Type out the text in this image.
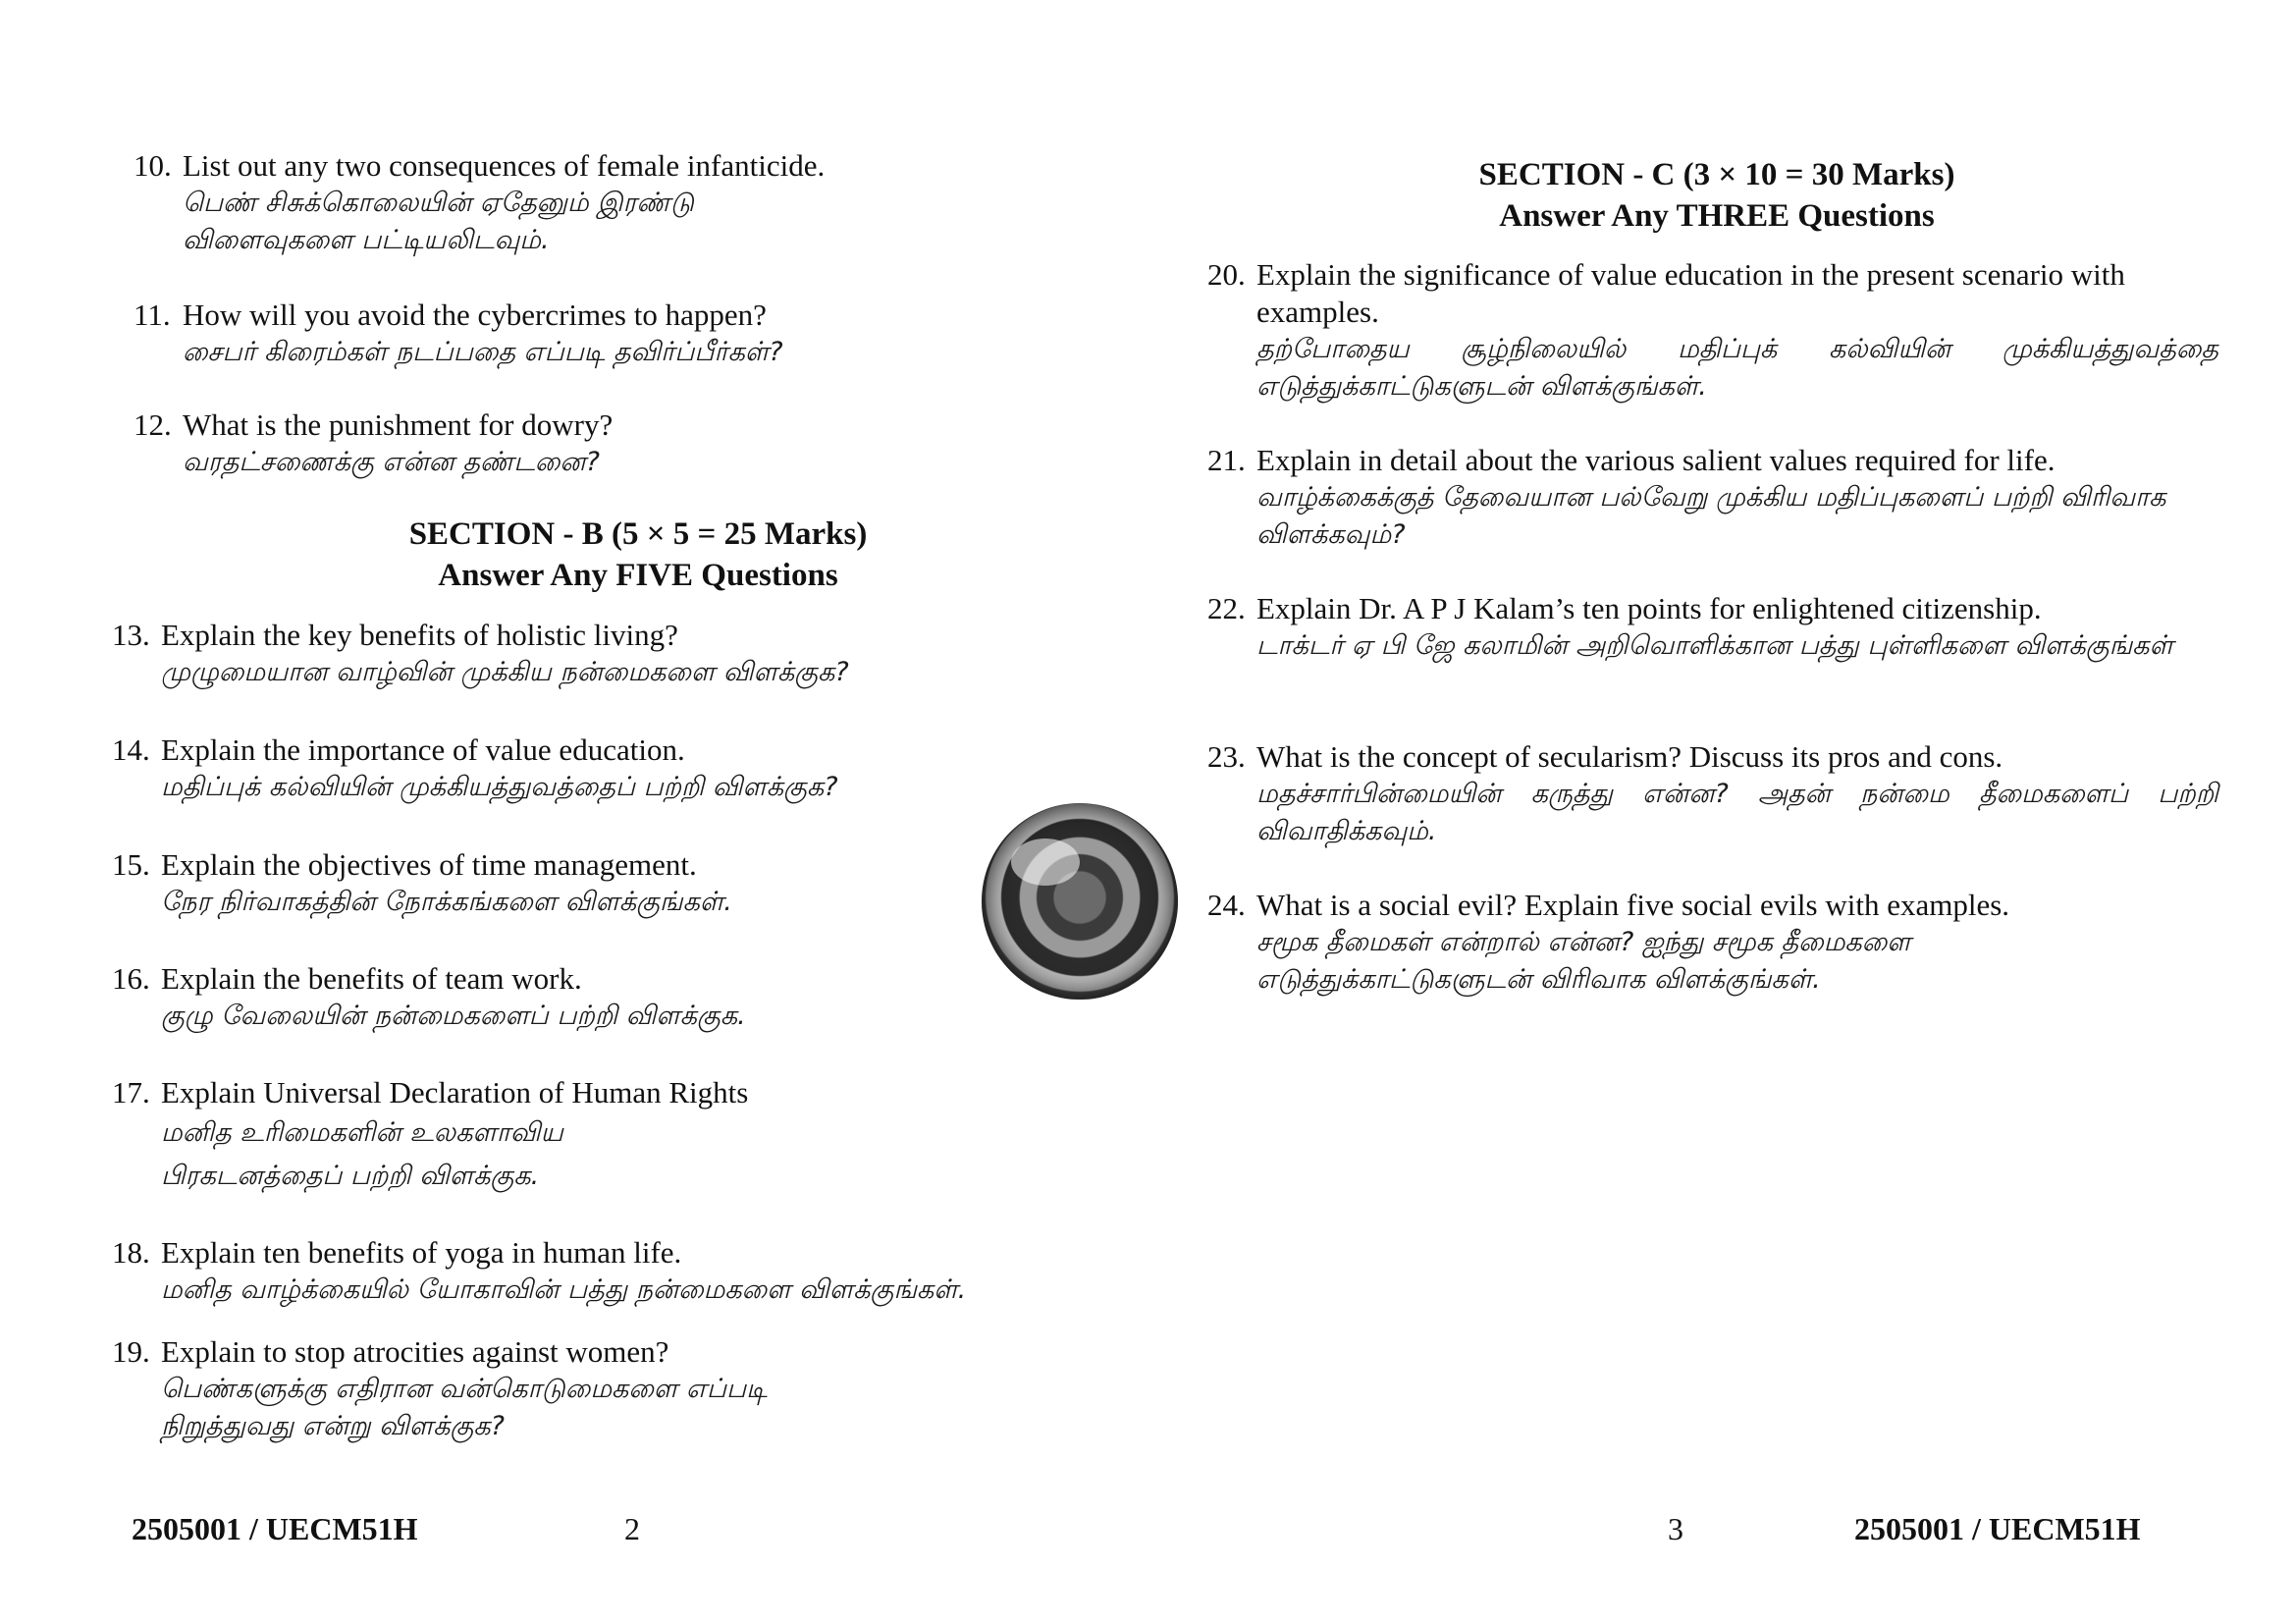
10. List out any two consequences of female infanticide.
பெண் சிசுக்கொலையின் ஏதேனும் இரண்டு விளைவுகளை பட்டியலிடவும்.
11. How will you avoid the cybercrimes to happen?
சைபர் கிரைம்கள் நடப்பதை எப்படி தவிர்ப்பீர்கள்?
12. What is the punishment for dowry?
வரதட்சணைக்கு என்ன தண்டனை?
SECTION - B (5 × 5 = 25 Marks)
Answer Any FIVE Questions
13. Explain the key benefits of holistic living?
முழுமையான வாழ்வின் முக்கிய நன்மைகளை விளக்குக?
14. Explain the importance of value education.
மதிப்புக் கல்வியின் முக்கியத்துவத்தைப் பற்றி விளக்குக?
15. Explain the objectives of time management.
நேர நிர்வாகத்தின் நோக்கங்களை விளக்குங்கள்.
16. Explain the benefits of team work.
குழு வேலையின் நன்மைகளைப் பற்றி விளக்குக.
17. Explain Universal Declaration of Human Rights
மனித உரிமைகளின் உலகளாவிய பிரகடனத்தைப் பற்றி விளக்குக.
18. Explain ten benefits of yoga in human life.
மனித வாழ்க்கையில் யோகாவின் பத்து நன்மைகளை விளக்குங்கள்.
19. Explain to stop atrocities against women?
பெண்களுக்கு எதிரான வன்கொடுமைகளை எப்படி நிறுத்துவது என்று விளக்குக?
2505001 / UECM51H	2
SECTION - C (3 × 10 = 30 Marks)
Answer Any THREE Questions
20. Explain the significance of value education in the present scenario with
examples.
தற்போதைய சூழ்நிலையில் மதிப்புக் கல்வியின் முக்கியத்துவத்தை எடுத்துக்காட்டுகளுடன் விளக்குங்கள்.
21. Explain in detail about the various salient values required for life.
வாழ்க்கைக்குத் தேவையான பல்வேறு முக்கிய மதிப்புகளைப் பற்றி விரிவாக விளக்கவும்?
22. Explain Dr. A P J Kalam’s ten points for enlightened citizenship.
டாக்டர் ஏ பி ஜே கலாமின் அறிவொளிக்கான பத்து புள்ளிகளை விளக்குங்கள்
23. What is the concept of secularism? Discuss its pros and cons.
மதச்சார்பின்மையின் கருத்து என்ன? அதன் நன்மை தீமைகளைப் பற்றி விவாதிக்கவும்.
24. What is a social evil? Explain five social evils with examples.
சமூக தீமைகள் என்றால் என்ன? ஐந்து சமூக தீமைகளை எடுத்துக்காட்டுகளுடன் விரிவாக விளக்குங்கள்.
3	2505001 / UECM51H
